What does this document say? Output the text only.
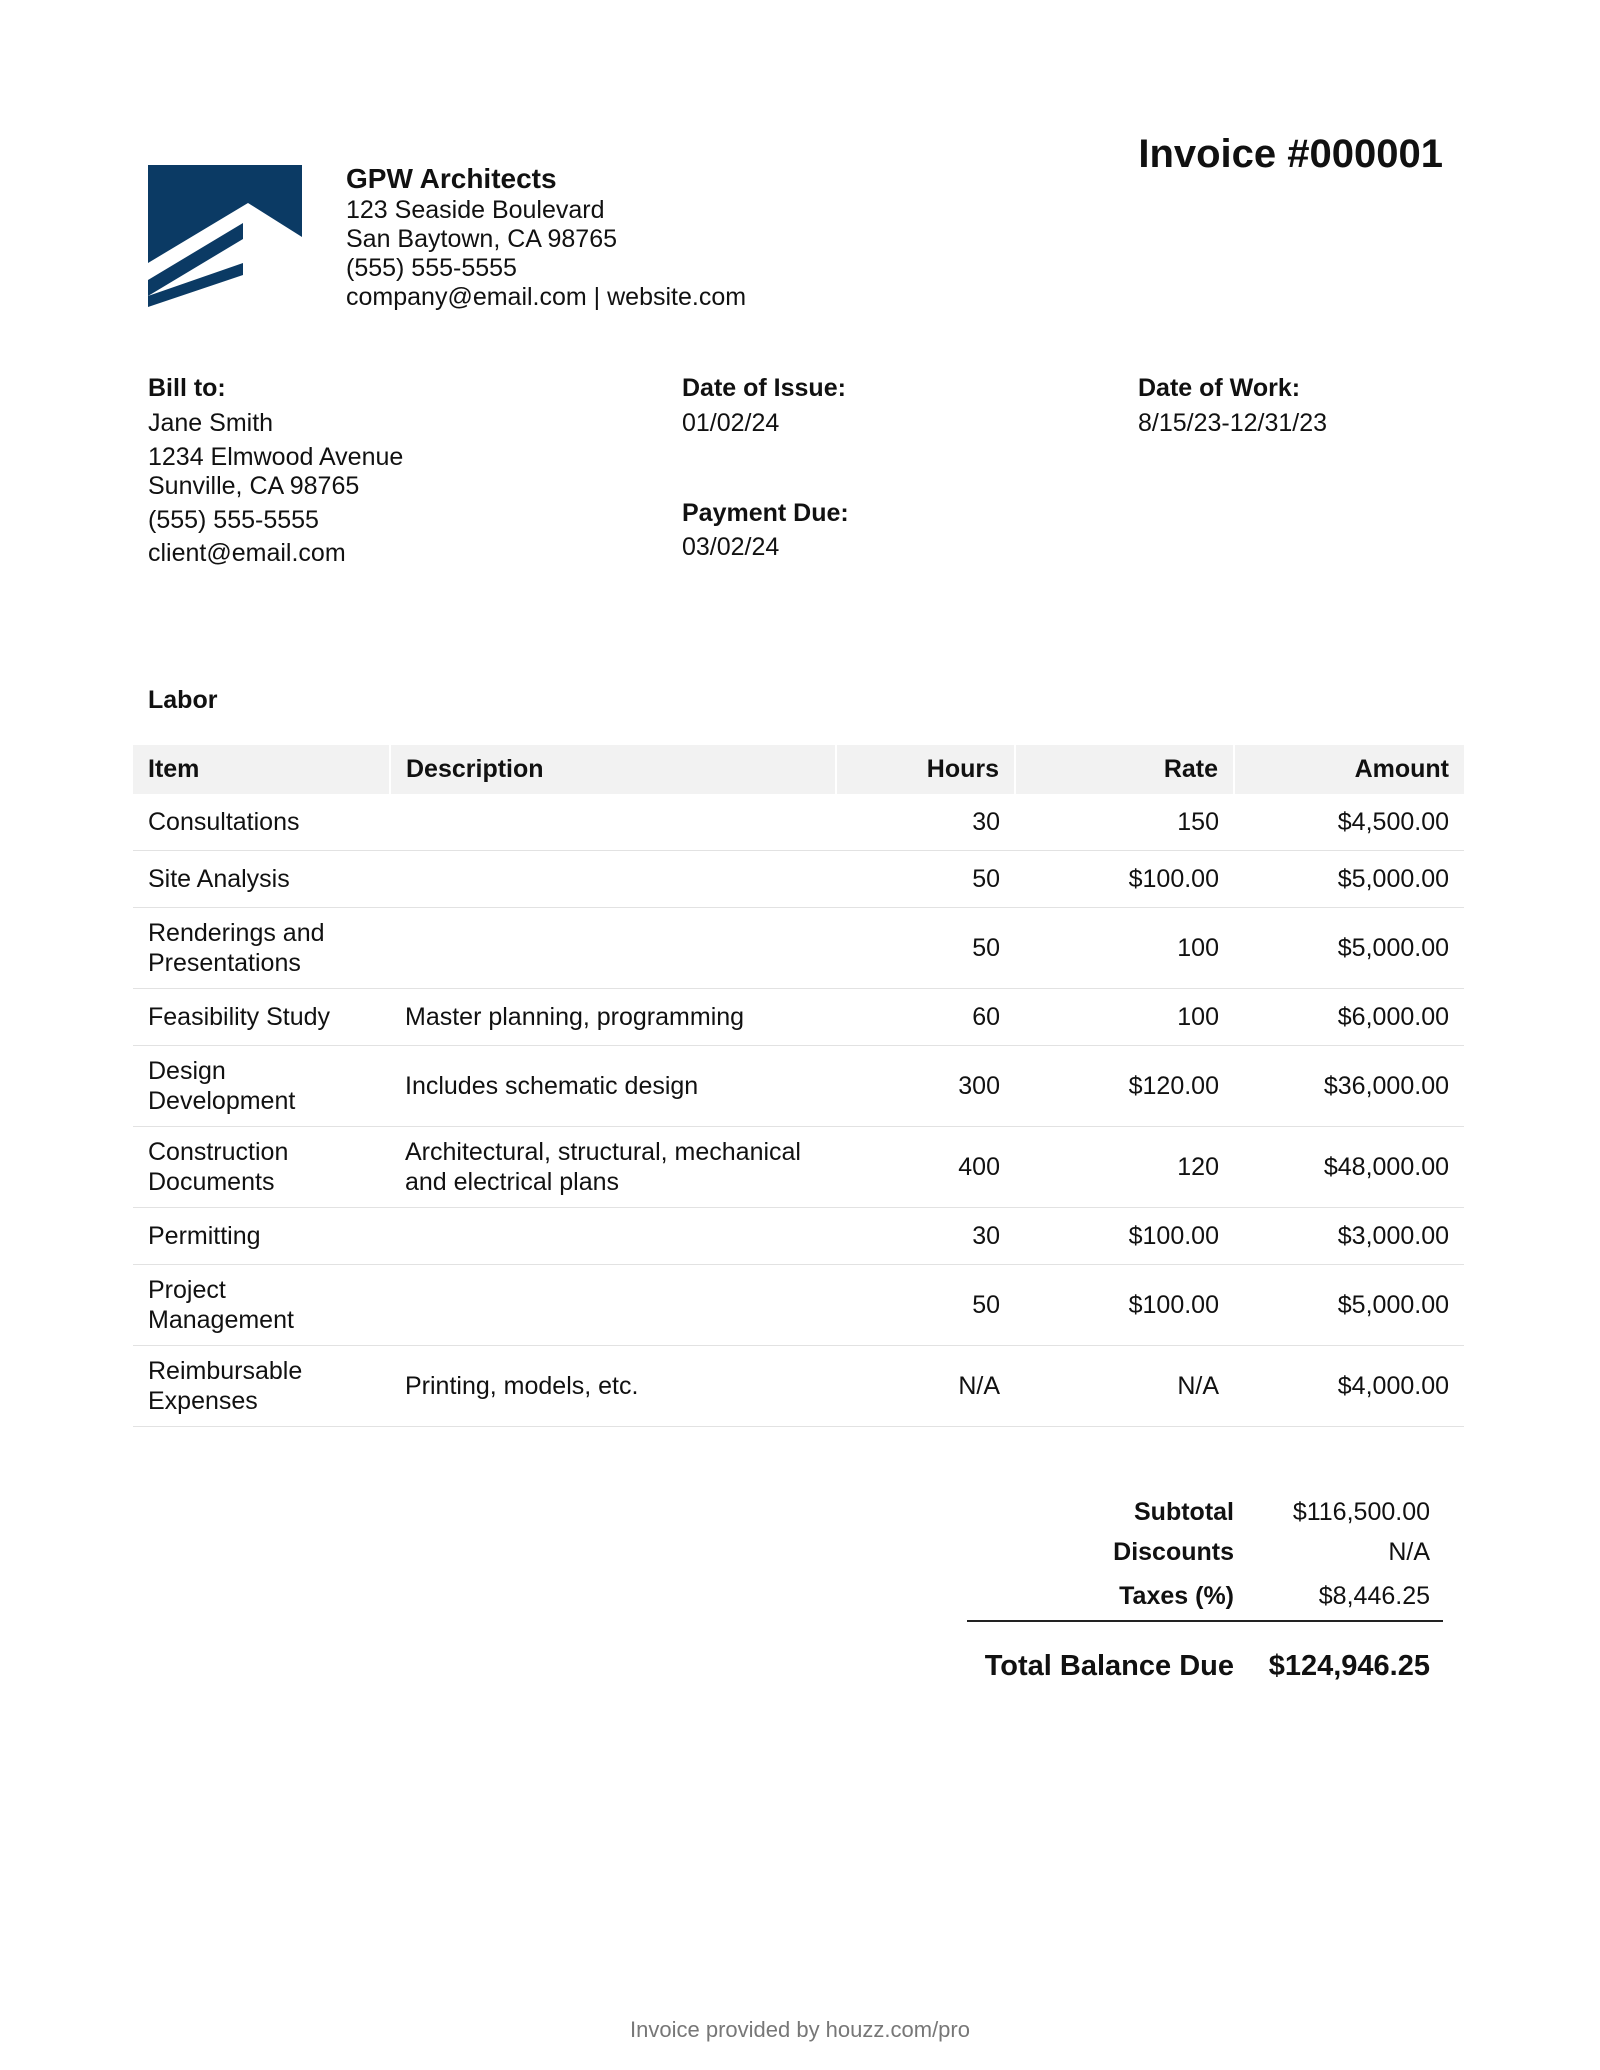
GPW Architects
123 Seaside Boulevard
San Baytown, CA 98765
(555) 555-5555
company@email.com | website.com
Invoice #000001
Bill to:
Jane Smith
1234 Elmwood Avenue
Sunville, CA 98765
(555) 555-5555
client@email.com
Date of Issue:
01/02/24
Payment Due:
03/02/24
Date of Work:
8/15/23-12/31/23
Labor
Item	Description	Hours	Rate	Amount
Consultations		30	150	$4,500.00
Site Analysis		50	$100.00	$5,000.00
Renderings and Presentations		50	100	$5,000.00
Feasibility Study	Master planning, programming	60	100	$6,000.00
Design Development	Includes schematic design	300	$120.00	$36,000.00
Construction Documents	Architectural, structural, mechanical and electrical plans	400	120	$48,000.00
Permitting		30	$100.00	$3,000.00
Project Management		50	$100.00	$5,000.00
Reimbursable Expenses	Printing, models, etc.	N/A	N/A	$4,000.00
Subtotal	$116,500.00
Discounts	N/A
Taxes (%)	$8,446.25
Total Balance Due	$124,946.25
Invoice provided by houzz.com/pro
